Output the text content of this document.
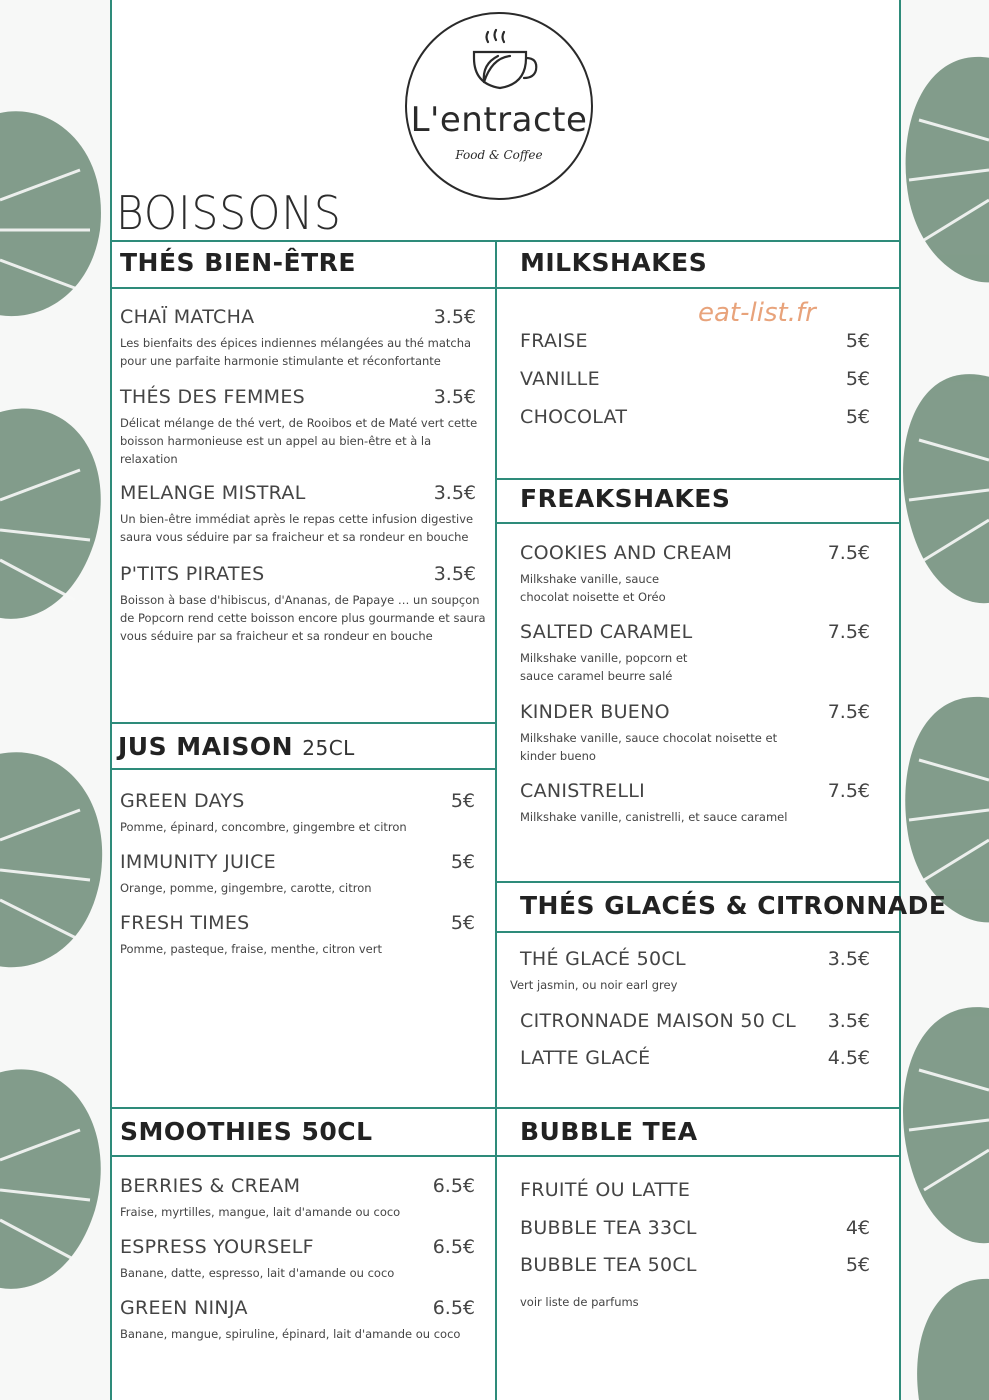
L'entracte
Food & Coffee
BOISSONS
THÉS BIEN-ÊTRE
CHAÏ MATCHA	3.5€
Les bienfaits des épices indiennes mélangées au thé matcha pour une parfaite harmonie stimulante et réconfortante
THÉS DES FEMMES	3.5€
Délicat mélange de thé vert, de Rooibos et de Maté vert cette boisson harmonieuse est un appel au bien-être et à la relaxation
MELANGE MISTRAL	3.5€
Un bien-être immédiat après le repas cette infusion digestive saura vous séduire par sa fraicheur et sa rondeur en bouche
P'TITS PIRATES	3.5€
Boisson à base d'hibiscus, d'Ananas, de Papaye … un soupçon de Popcorn rend cette boisson encore plus gourmande et saura vous séduire par sa fraicheur et sa rondeur en bouche
MILKSHAKES
eat-list.fr
FRAISE	5€
VANILLE	5€
CHOCOLAT	5€
FREAKSHAKES
COOKIES AND CREAM	7.5€
Milkshake vanille, sauce chocolat noisette et Oréo
SALTED CARAMEL	7.5€
Milkshake vanille, popcorn et sauce caramel beurre salé
KINDER BUENO	7.5€
Milkshake vanille, sauce chocolat noisette et kinder bueno
CANISTRELLI	7.5€
Milkshake vanille, canistrelli, et sauce caramel
JUS MAISON 25CL
GREEN DAYS	5€
Pomme, épinard, concombre, gingembre et citron
IMMUNITY JUICE	5€
Orange, pomme, gingembre, carotte, citron
FRESH TIMES	5€
Pomme, pasteque, fraise, menthe, citron vert
THÉS GLACÉS & CITRONNADE
THÉ GLACÉ 50CL	3.5€
Vert jasmin, ou noir earl grey
CITRONNADE MAISON 50 CL 3.5€
LATTE GLACÉ	4.5€
SMOOTHIES 50CL
BERRIES & CREAM	6.5€
Fraise, myrtilles, mangue, lait d'amande ou coco
ESPRESS YOURSELF	6.5€
Banane, datte, espresso, lait d'amande ou coco
GREEN NINJA	6.5€
Banane, mangue, spiruline, épinard, lait d'amande ou coco
BUBBLE TEA
FRUITÉ OU LATTE
BUBBLE TEA 33CL	4€
BUBBLE TEA 50CL	5€
voir liste de parfums
